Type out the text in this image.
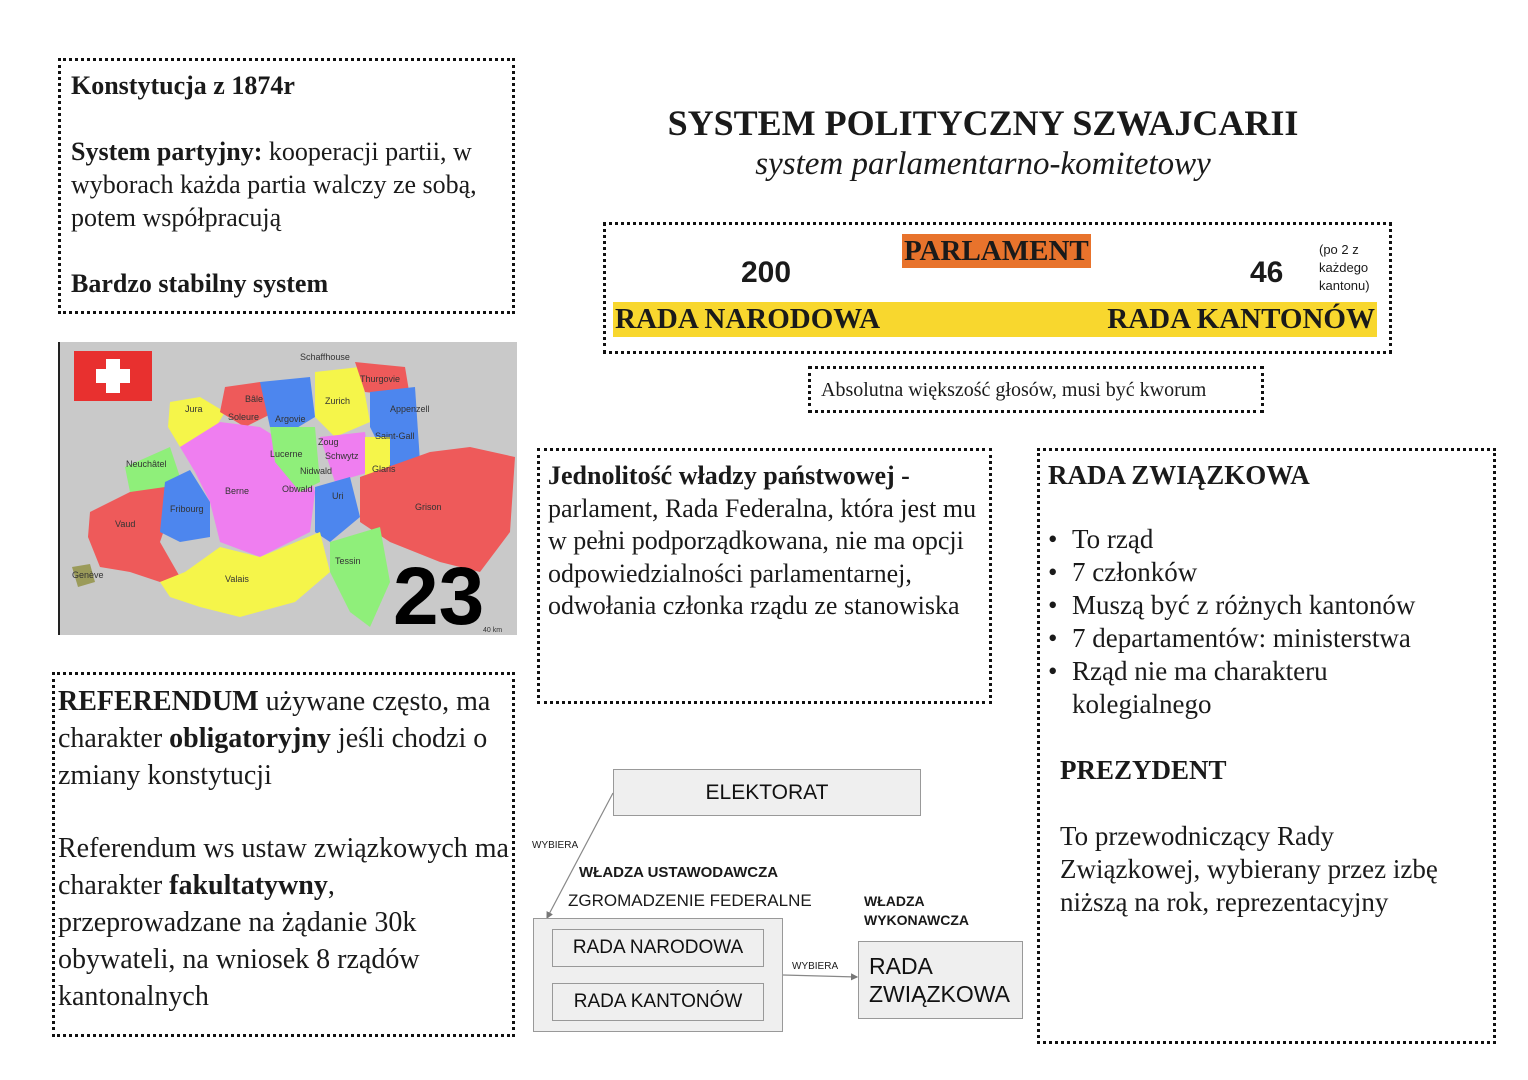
Konstytucja z 1874r

System partyjny: kooperacji partii, w wyborach każda partia walczy ze sobą, potem współpracują

Bardzo stabilny system

Schaffhouse
Thurgovie
Zurich
Appenzell
Saint-Gall
Bâle
Jura
Soleure Argovie
Lucerne
Zoug
Schwytz
Glaris
Neuchâtel
Nidwald
Obwald
Uri
Berne
Fribourg
Vaud
Grison
Tessin
Valais
Genève	23
40 km

REFERENDUM używane często, ma charakter obligatoryjny jeśli chodzi o zmiany konstytucji

Referendum ws ustaw związkowych ma charakter fakultatywny, przeprowadzane na żądanie 30k obywateli, na wniosek 8 rządów kantonalnych

SYSTEM POLITYCZNY SZWAJCARII
system parlamentarno-komitetowy
PARLAMENT
200	46
(po 2 z każdego kantonu)
RADA NARODOWA	RADA KANTONÓW
Absolutna większość głosów, musi być kworum

Jednolitość władzy państwowej - parlament, Rada Federalna, która jest mu w pełni podporządkowana, nie ma opcji odpowiedzialności parlamentarnej, odwołania członka rządu ze stanowiska

RADA ZWIĄZKOWA

• To rząd
• 7 członków
• Muszą być z różnych kantonów
• 7 departamentów: ministerstwa
• Rząd nie ma charakteru kolegialnego

PREZYDENT

To przewodniczący Rady Związkowej, wybierany przez izbę niższą na rok, reprezentacyjny

ELEKTORAT
WYBIERA
WŁADZA USTAWODAWCZA
ZGROMADZENIE FEDERALNE
RADA NARODOWA
RADA KANTONÓW
WYBIERA
WŁADZA
WYKONAWCZA
RADA
ZWIĄZKOWA
